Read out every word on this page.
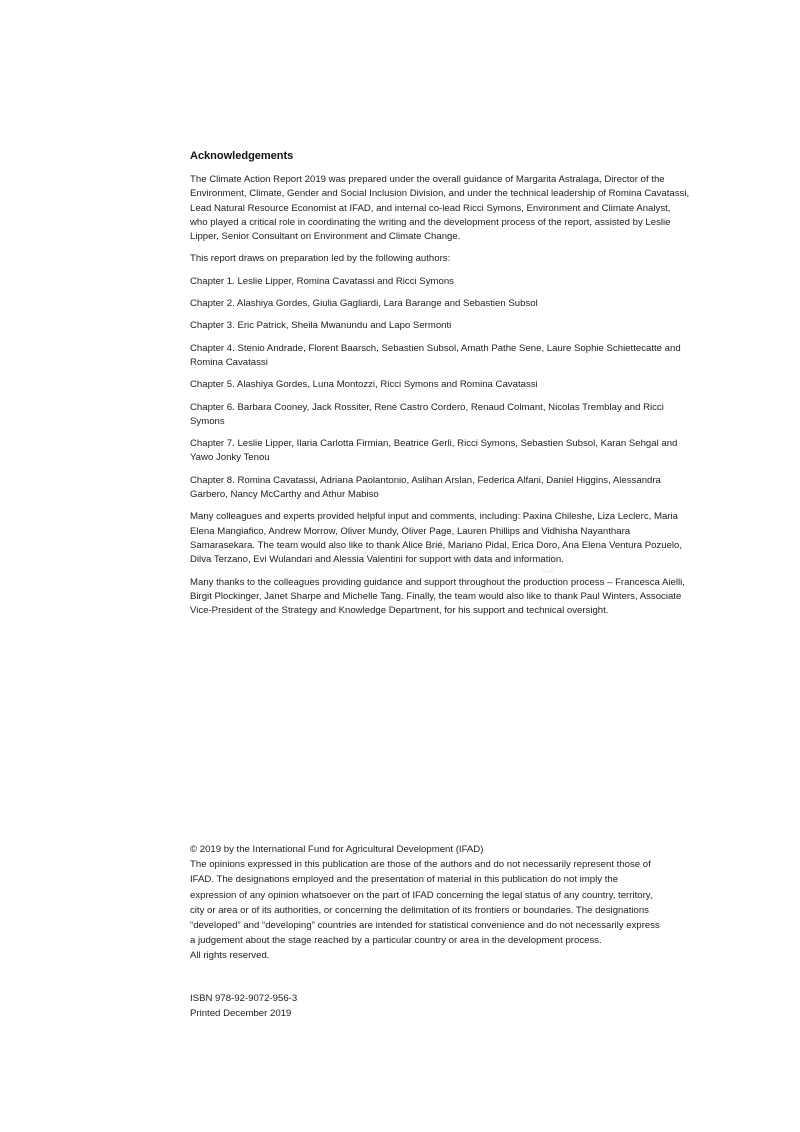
Acknowledgements

The Climate Action Report 2019 was prepared under the overall guidance of Margarita Astralaga, Director of the Environment, Climate, Gender and Social Inclusion Division, and under the technical leadership of Romina Cavatassi, Lead Natural Resource Economist at IFAD, and internal co-lead Ricci Symons, Environment and Climate Analyst, who played a critical role in coordinating the writing and the development process of the report, assisted by Leslie Lipper, Senior Consultant on Environment and Climate Change.

This report draws on preparation led by the following authors:

Chapter 1. Leslie Lipper, Romina Cavatassi and Ricci Symons

Chapter 2. Alashiya Gordes, Giulia Gagliardi, Lara Barange and Sebastien Subsol

Chapter 3. Eric Patrick, Sheila Mwanundu and Lapo Sermonti

Chapter 4. Stenio Andrade, Florent Baarsch, Sebastien Subsol, Amath Pathe Sene, Laure Sophie Schiettecatte and Romina Cavatassi

Chapter 5. Alashiya Gordes, Luna Montozzi, Ricci Symons and Romina Cavatassi

Chapter 6. Barbara Cooney, Jack Rossiter, René Castro Cordero, Renaud Colmant, Nicolas Tremblay and Ricci Symons

Chapter 7. Leslie Lipper, Ilaria Carlotta Firmian, Beatrice Gerli, Ricci Symons, Sebastien Subsol, Karan Sehgal and Yawo Jonky Tenou

Chapter 8. Romina Cavatassi, Adriana Paolantonio, Aslihan Arslan, Federica Alfani, Daniel Higgins, Alessandra Garbero, Nancy McCarthy and Athur Mabiso

Many colleagues and experts provided helpful input and comments, including: Paxina Chileshe, Liza Leclerc, Maria Elena Mangiafico, Andrew Morrow, Oliver Mundy, Oliver Page, Lauren Phillips and Vidhisha Nayanthara Samarasekara. The team would also like to thank Alice Brié, Mariano Pidal, Erica Doro, Ana Elena Ventura Pozuelo, Dilva Terzano, Evi Wulandari and Alessia Valentini for support with data and information.

Many thanks to the colleagues providing guidance and support throughout the production process – Francesca Aielli, Birgit Plockinger, Janet Sharpe and Michelle Tang. Finally, the team would also like to thank Paul Winters, Associate Vice-President of the Strategy and Knowledge Department, for his support and technical oversight.

© 2019 by the International Fund for Agricultural Development (IFAD)

The opinions expressed in this publication are those of the authors and do not necessarily represent those of IFAD. The designations employed and the presentation of material in this publication do not imply the expression of any opinion whatsoever on the part of IFAD concerning the legal status of any country, territory, city or area or of its authorities, or concerning the delimitation of its frontiers or boundaries. The designations “developed” and “developing” countries are intended for statistical convenience and do not necessarily express a judgement about the stage reached by a particular country or area in the development process.

All rights reserved.

ISBN 978-92-9072-956-3

Printed December 2019
